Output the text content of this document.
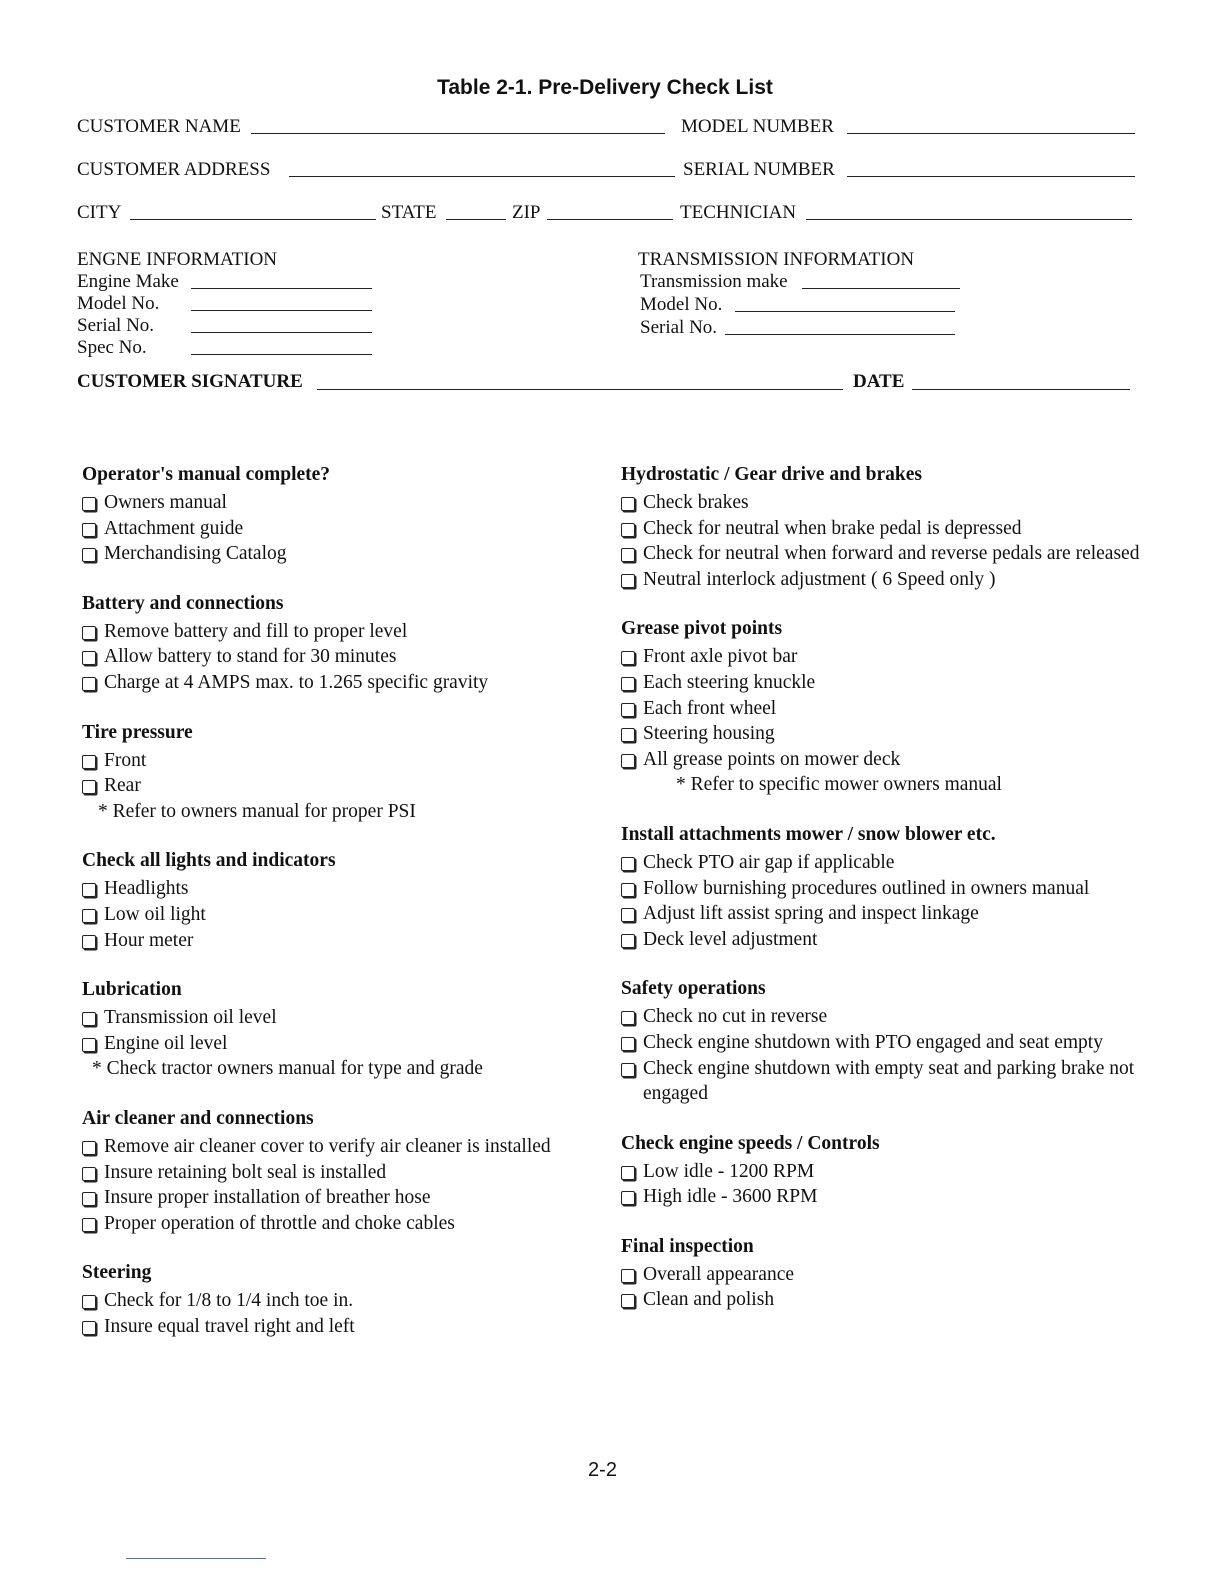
Table 2-1. Pre-Delivery Check List
CUSTOMER NAME	MODEL NUMBER
CUSTOMER ADDRESS	SERIAL NUMBER
CITY	STATE	ZIP	TECHNICIAN
ENGNE INFORMATION
Engine Make
Model No.
Serial No.
Spec No.
TRANSMISSION INFORMATION
Transmission make
Model No.
Serial No.
CUSTOMER SIGNATURE	DATE
Operator's manual complete?
Owners manual
Attachment guide
Merchandising Catalog
Battery and connections
Remove battery and fill to proper level
Allow battery to stand for 30 minutes
Charge at 4 AMPS max. to 1.265 specific gravity
Tire pressure
Front
Rear
* Refer to owners manual for proper PSI
Check all lights and indicators
Headlights
Low oil light
Hour meter
Lubrication
Transmission oil level
Engine oil level
* Check tractor owners manual for type and grade
Air cleaner and connections
Remove air cleaner cover to verify air cleaner is installed
Insure retaining bolt seal is installed
Insure proper installation of breather hose
Proper operation of throttle and choke cables
Steering
Check for 1/8 to 1/4 inch toe in.
Insure equal travel right and left
Hydrostatic / Gear drive and brakes
Check brakes
Check for neutral when brake pedal is depressed
Check for neutral when forward and reverse pedals are released
Neutral interlock adjustment ( 6 Speed only )
Grease pivot points
Front axle pivot bar
Each steering knuckle
Each front wheel
Steering housing
All grease points on mower deck
* Refer to specific mower owners manual
Install attachments mower / snow blower etc.
Check PTO air gap if applicable
Follow burnishing procedures outlined in owners manual
Adjust lift assist spring and inspect linkage
Deck level adjustment
Safety operations
Check no cut in reverse
Check engine shutdown with PTO engaged and seat empty
Check engine shutdown with empty seat and parking brake not engaged
Check engine speeds / Controls
Low idle - 1200 RPM
High idle - 3600 RPM
Final inspection
Overall appearance
Clean and polish
2-2
